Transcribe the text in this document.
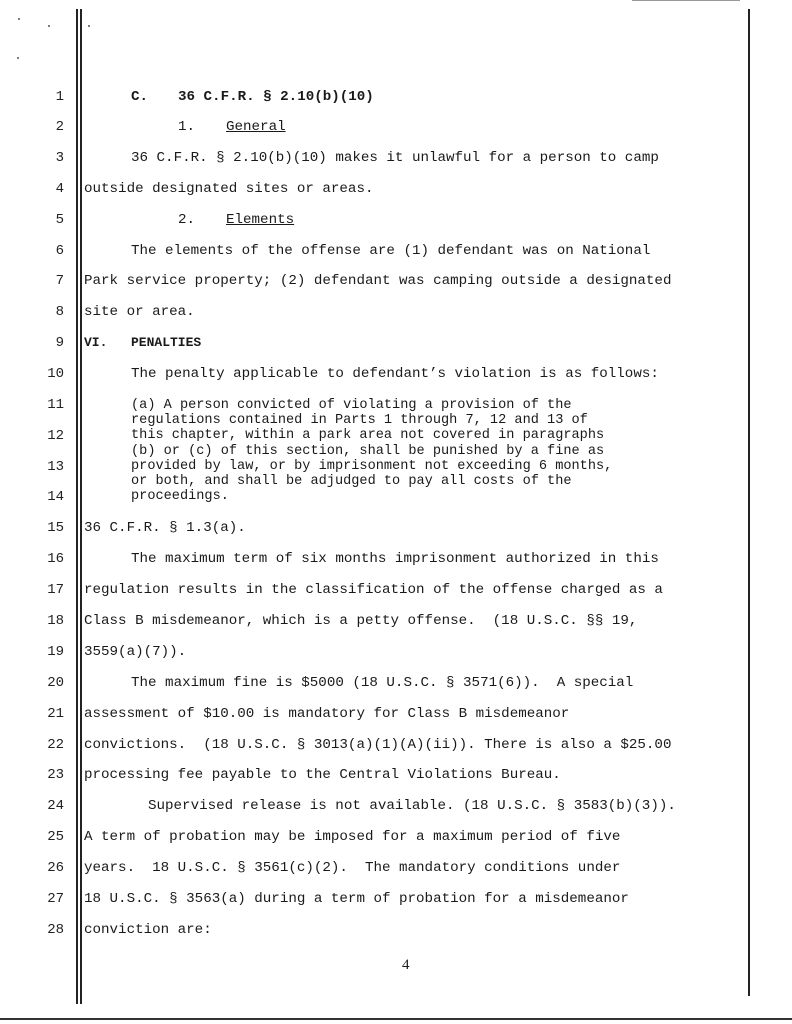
1
2
3
4
5
6
7
8
9
10
11
12
13
14
15
16
17
18
19
20
21
22
23
24
25
26
27
28
C. 36 C.F.R. § 2.10(b)(10)
1. General
36 C.F.R. § 2.10(b)(10) makes it unlawful for a person to camp
outside designated sites or areas.
2. Elements
The elements of the offense are (1) defendant was on National
Park service property; (2) defendant was camping outside a designated
site or area.
VI. PENALTIES
The penalty applicable to defendant’s violation is as follows:
(a) A person convicted of violating a provision of the
regulations contained in Parts 1 through 7, 12 and 13 of
this chapter, within a park area not covered in paragraphs
(b) or (c) of this section, shall be punished by a fine as
provided by law, or by imprisonment not exceeding 6 months,
or both, and shall be adjudged to pay all costs of the
proceedings.
36 C.F.R. § 1.3(a).
The maximum term of six months imprisonment authorized in this
regulation results in the classification of the offense charged as a
Class B misdemeanor, which is a petty offense.  (18 U.S.C. §§ 19,
3559(a)(7)).
The maximum fine is $5000 (18 U.S.C. § 3571(6)).  A special
assessment of $10.00 is mandatory for Class B misdemeanor
convictions.  (18 U.S.C. § 3013(a)(1)(A)(ii)). There is also a $25.00
processing fee payable to the Central Violations Bureau.
Supervised release is not available. (18 U.S.C. § 3583(b)(3)).
A term of probation may be imposed for a maximum period of five
years.  18 U.S.C. § 3561(c)(2).  The mandatory conditions under
18 U.S.C. § 3563(a) during a term of probation for a misdemeanor
conviction are:
4
